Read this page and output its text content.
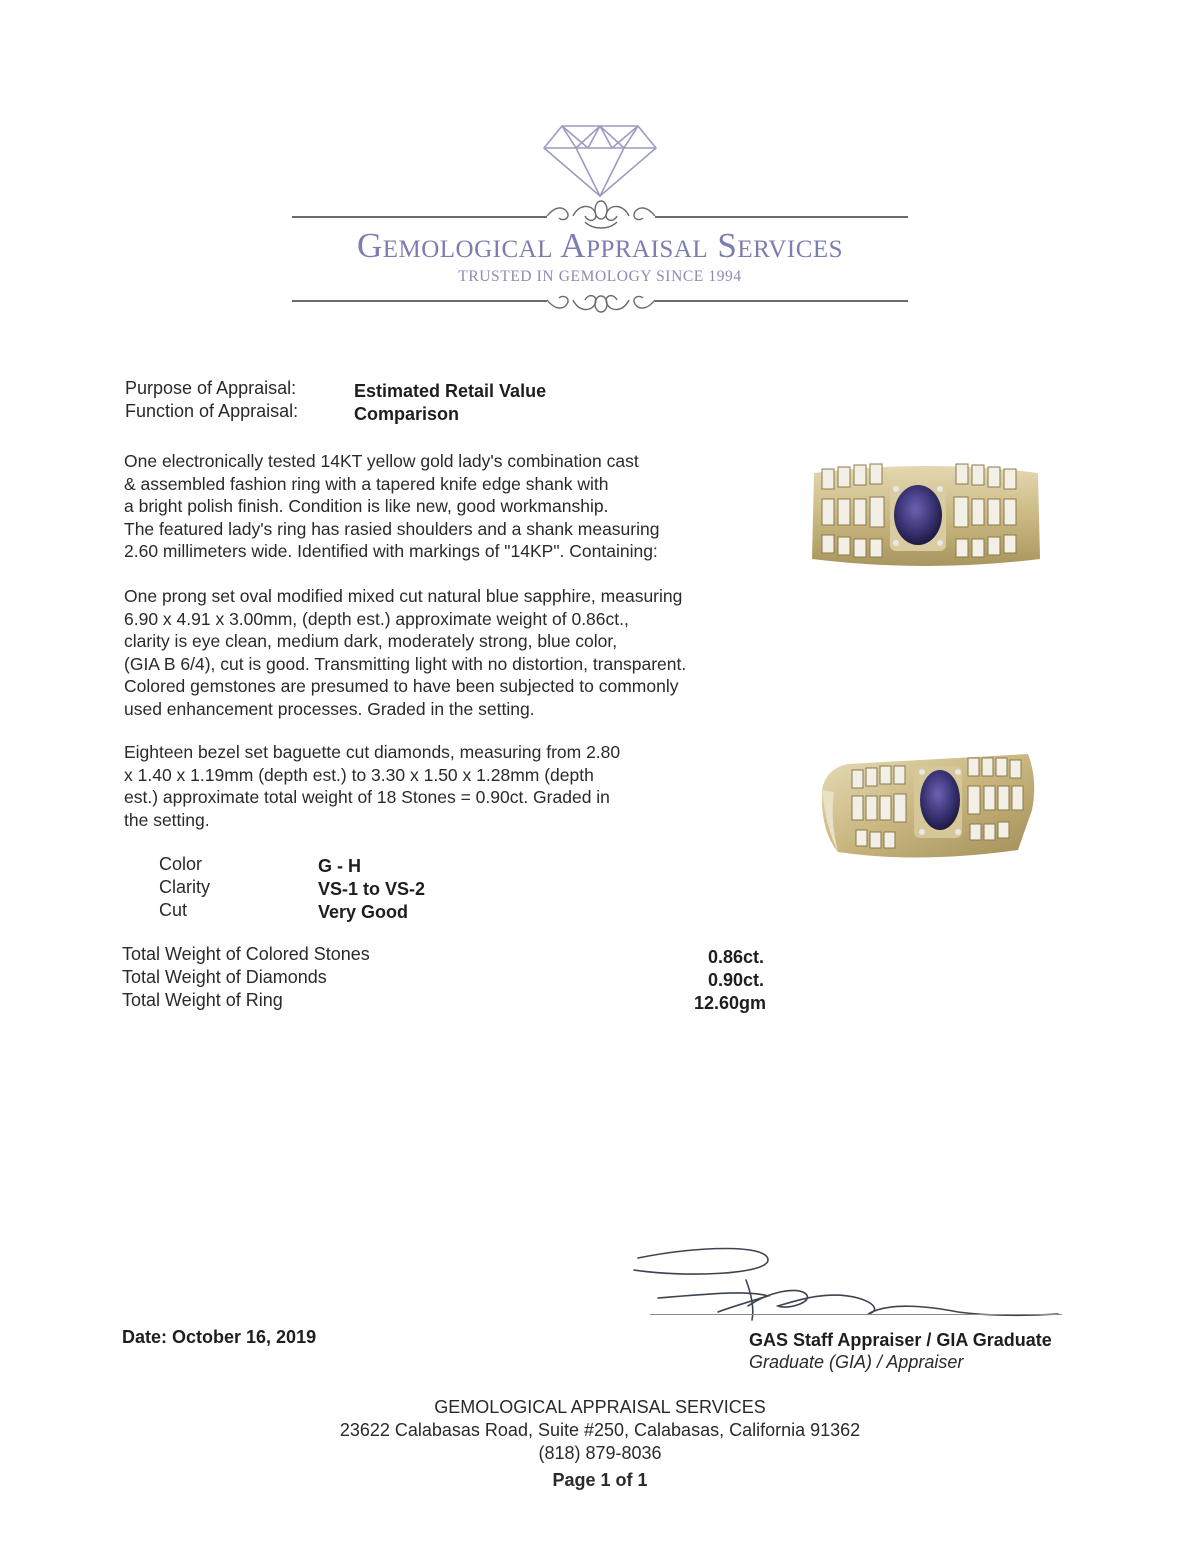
Gemological Appraisal Services
TRUSTED IN GEMOLOGY SINCE 1994
Purpose of Appraisal:	Estimated Retail Value
Function of Appraisal:	Comparison
One electronically tested 14KT yellow gold lady's combination cast
& assembled fashion ring with a tapered knife edge shank with
a bright polish finish. Condition is like new, good workmanship.
The featured lady's ring has rasied shoulders and a shank measuring
2.60 millimeters wide. Identified with markings of "14KP". Containing:
One prong set oval modified mixed cut natural blue sapphire, measuring
6.90 x 4.91 x 3.00mm, (depth est.) approximate weight of 0.86ct.,
clarity is eye clean, medium dark, moderately strong, blue color,
(GIA B 6/4), cut is good. Transmitting light with no distortion, transparent.
Colored gemstones are presumed to have been subjected to commonly
used enhancement processes. Graded in the setting.
Eighteen bezel set baguette cut diamonds, measuring from 2.80
x 1.40 x 1.19mm (depth est.) to 3.30 x 1.50 x 1.28mm (depth
est.) approximate total weight of 18 Stones = 0.90ct. Graded in
the setting.
Color	G - H
Clarity	VS-1 to VS-2
Cut	Very Good
Total Weight of Colored Stones	0.86ct.
Total Weight of Diamonds	0.90ct.
Total Weight of Ring	12.60gm
Date: October 16, 2019	GAS Staff Appraiser / GIA Graduate
Graduate (GIA) / Appraiser
GEMOLOGICAL APPRAISAL SERVICES
23622 Calabasas Road, Suite #250, Calabasas, California 91362
(818) 879-8036
Page 1 of 1
